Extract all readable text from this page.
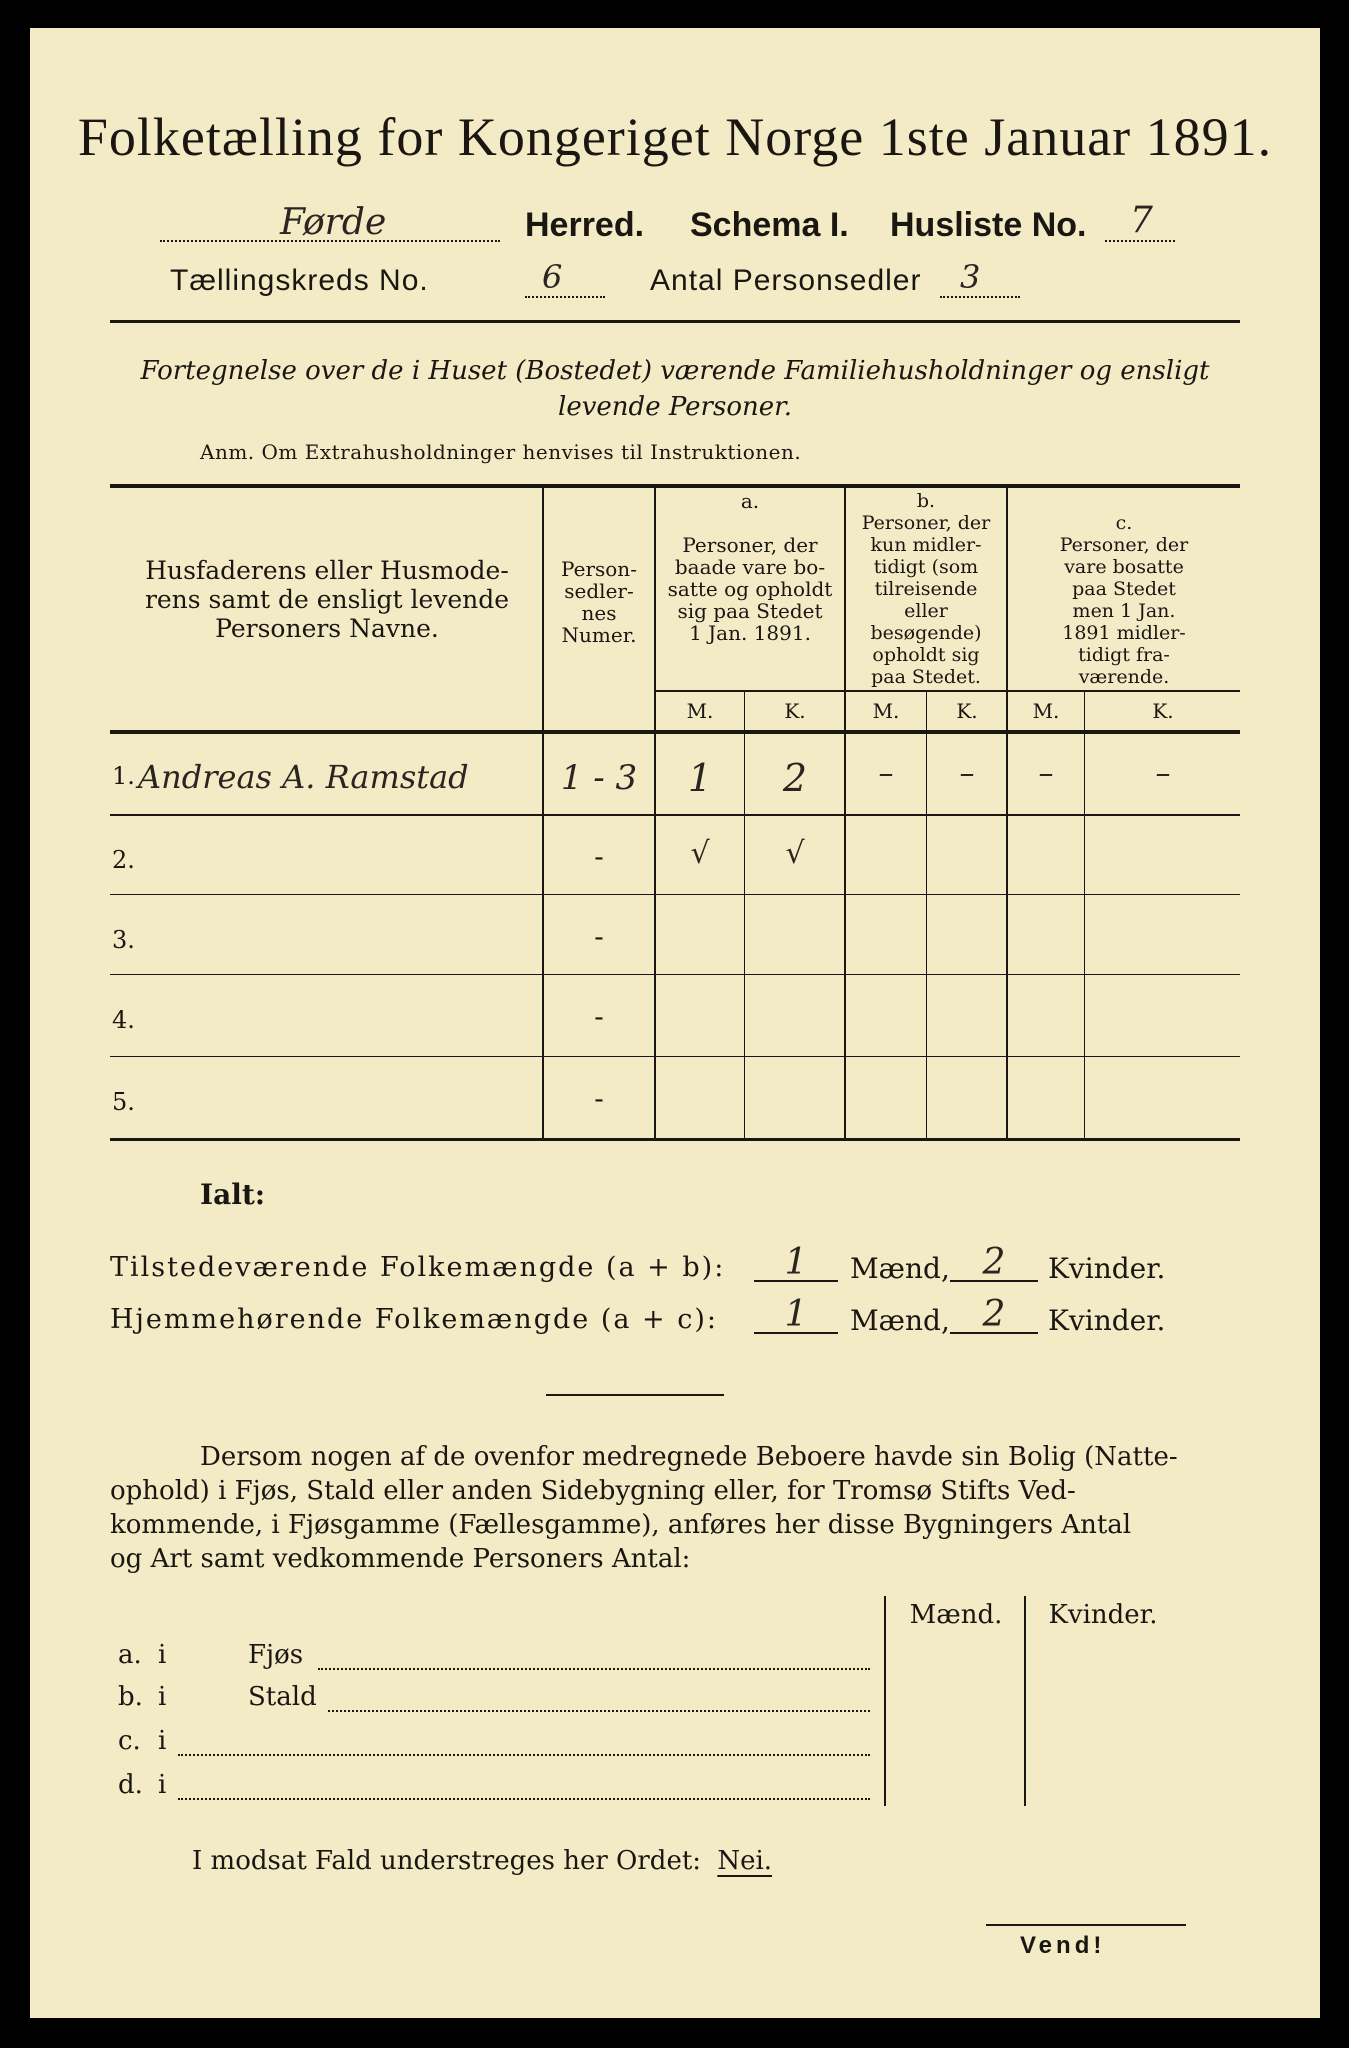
Folketælling for Kongeriget Norge 1ste Januar 1891.
Førde	Herred. Schema I. Husliste No. 7
Tællingskreds No.	6	Antal Personsedler 3
Fortegnelse over de i Huset (Bostedet) værende Familiehusholdninger og ensligt
levende Personer.
Anm. Om Extrahusholdninger henvises til Instruktionen.
Husfaderens eller Husmode-
rens samt de ensligt levende
Personers Navne.
Person-
sedler-
nes
Numer.
a.
Personer, der
baade vare bo-
satte og opholdt
sig paa Stedet
1 Jan. 1891.
b.
Personer, der
kun midler-
tidigt (som
tilreisende
eller
besøgende)
opholdt sig
paa Stedet.
c.
Personer, der
vare bosatte
paa Stedet
men 1 Jan.
1891 midler-
tidigt fra-
værende.
M.	K.	M.	K.	M.	K.
1. Andreas A. Ramstad	1 - 3	1	2	–	–	–	–
2.	-	√	√
3.	-
4.	-
5.	-
Ialt:
Tilstedeværende Folkemængde (a + b):	1	Mænd, 2	Kvinder.
Hjemmehørende Folkemængde (a + c):	1	Mænd, 2	Kvinder.
Dersom nogen af de ovenfor medregnede Beboere havde sin Bolig (Natte-
ophold) i Fjøs, Stald eller anden Sidebygning eller, for Tromsø Stifts Ved-
kommende, i Fjøsgamme (Fællesgamme), anføres her disse Bygningers Antal
og Art samt vedkommende Personers Antal:
Mænd.	Kvinder.
a. i	Fjøs
b. i	Stald
c. i
d. i
I modsat Fald understreges her Ordet: Nei.
Vend!
